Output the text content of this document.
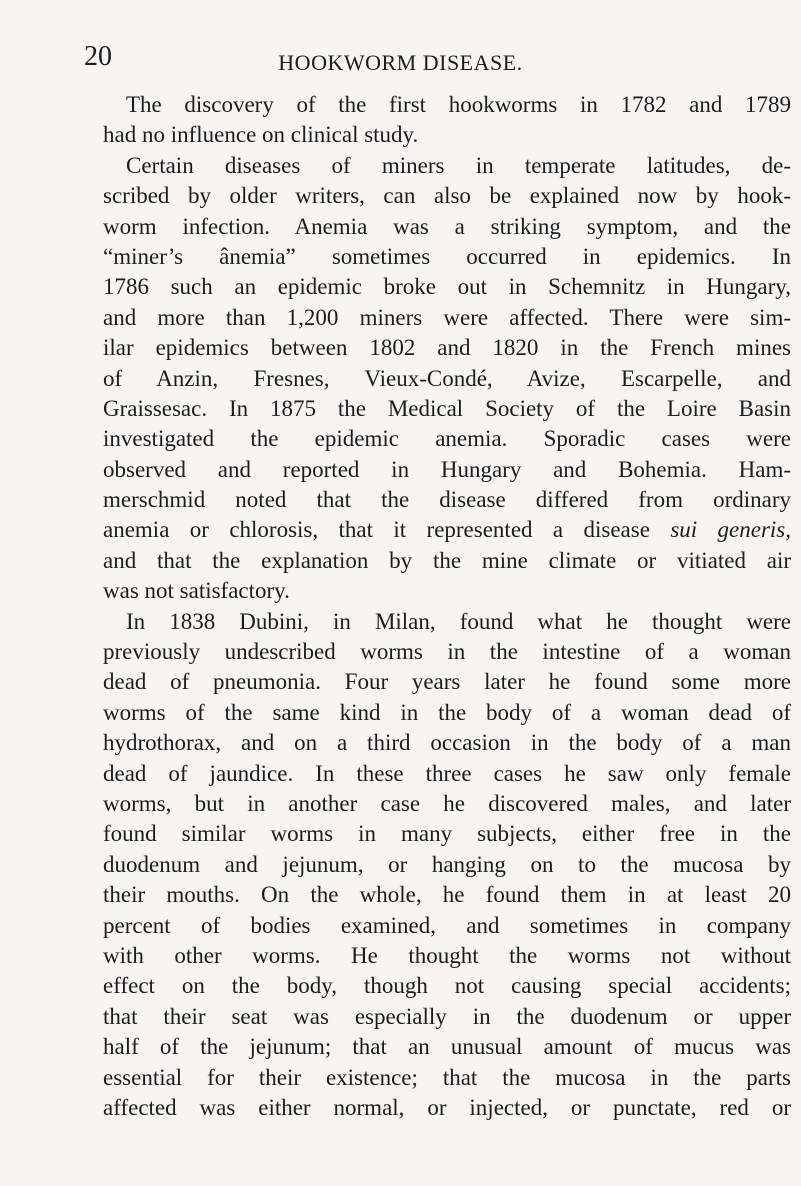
20	HOOKWORM DISEASE.
The discovery of the first hookworms in 1782 and 1789
had no influence on clinical study.
Certain diseases of miners in temperate latitudes, de-
scribed by older writers, can also be explained now by hook-
worm infection. Anemia was a striking symptom, and the
“miner’s ânemia” sometimes occurred in epidemics. In
1786 such an epidemic broke out in Schemnitz in Hungary,
and more than 1,200 miners were affected. There were sim-
ilar epidemics between 1802 and 1820 in the French mines
of Anzin, Fresnes, Vieux-Condé, Avize, Escarpelle, and
Graissesac. In 1875 the Medical Society of the Loire Basin
investigated the epidemic anemia. Sporadic cases were
observed and reported in Hungary and Bohemia. Ham-
merschmid noted that the disease differed from ordinary
anemia or chlorosis, that it represented a disease sui generis,
and that the explanation by the mine climate or vitiated air
was not satisfactory.
In 1838 Dubini, in Milan, found what he thought were
previously undescribed worms in the intestine of a woman
dead of pneumonia. Four years later he found some more
worms of the same kind in the body of a woman dead of
hydrothorax, and on a third occasion in the body of a man
dead of jaundice. In these three cases he saw only female
worms, but in another case he discovered males, and later
found similar worms in many subjects, either free in the
duodenum and jejunum, or hanging on to the mucosa by
their mouths. On the whole, he found them in at least 20
percent of bodies examined, and sometimes in company
with other worms. He thought the worms not without
effect on the body, though not causing special accidents;
that their seat was especially in the duodenum or upper
half of the jejunum; that an unusual amount of mucus was
essential for their existence; that the mucosa in the parts
affected was either normal, or injected, or punctate, red or
